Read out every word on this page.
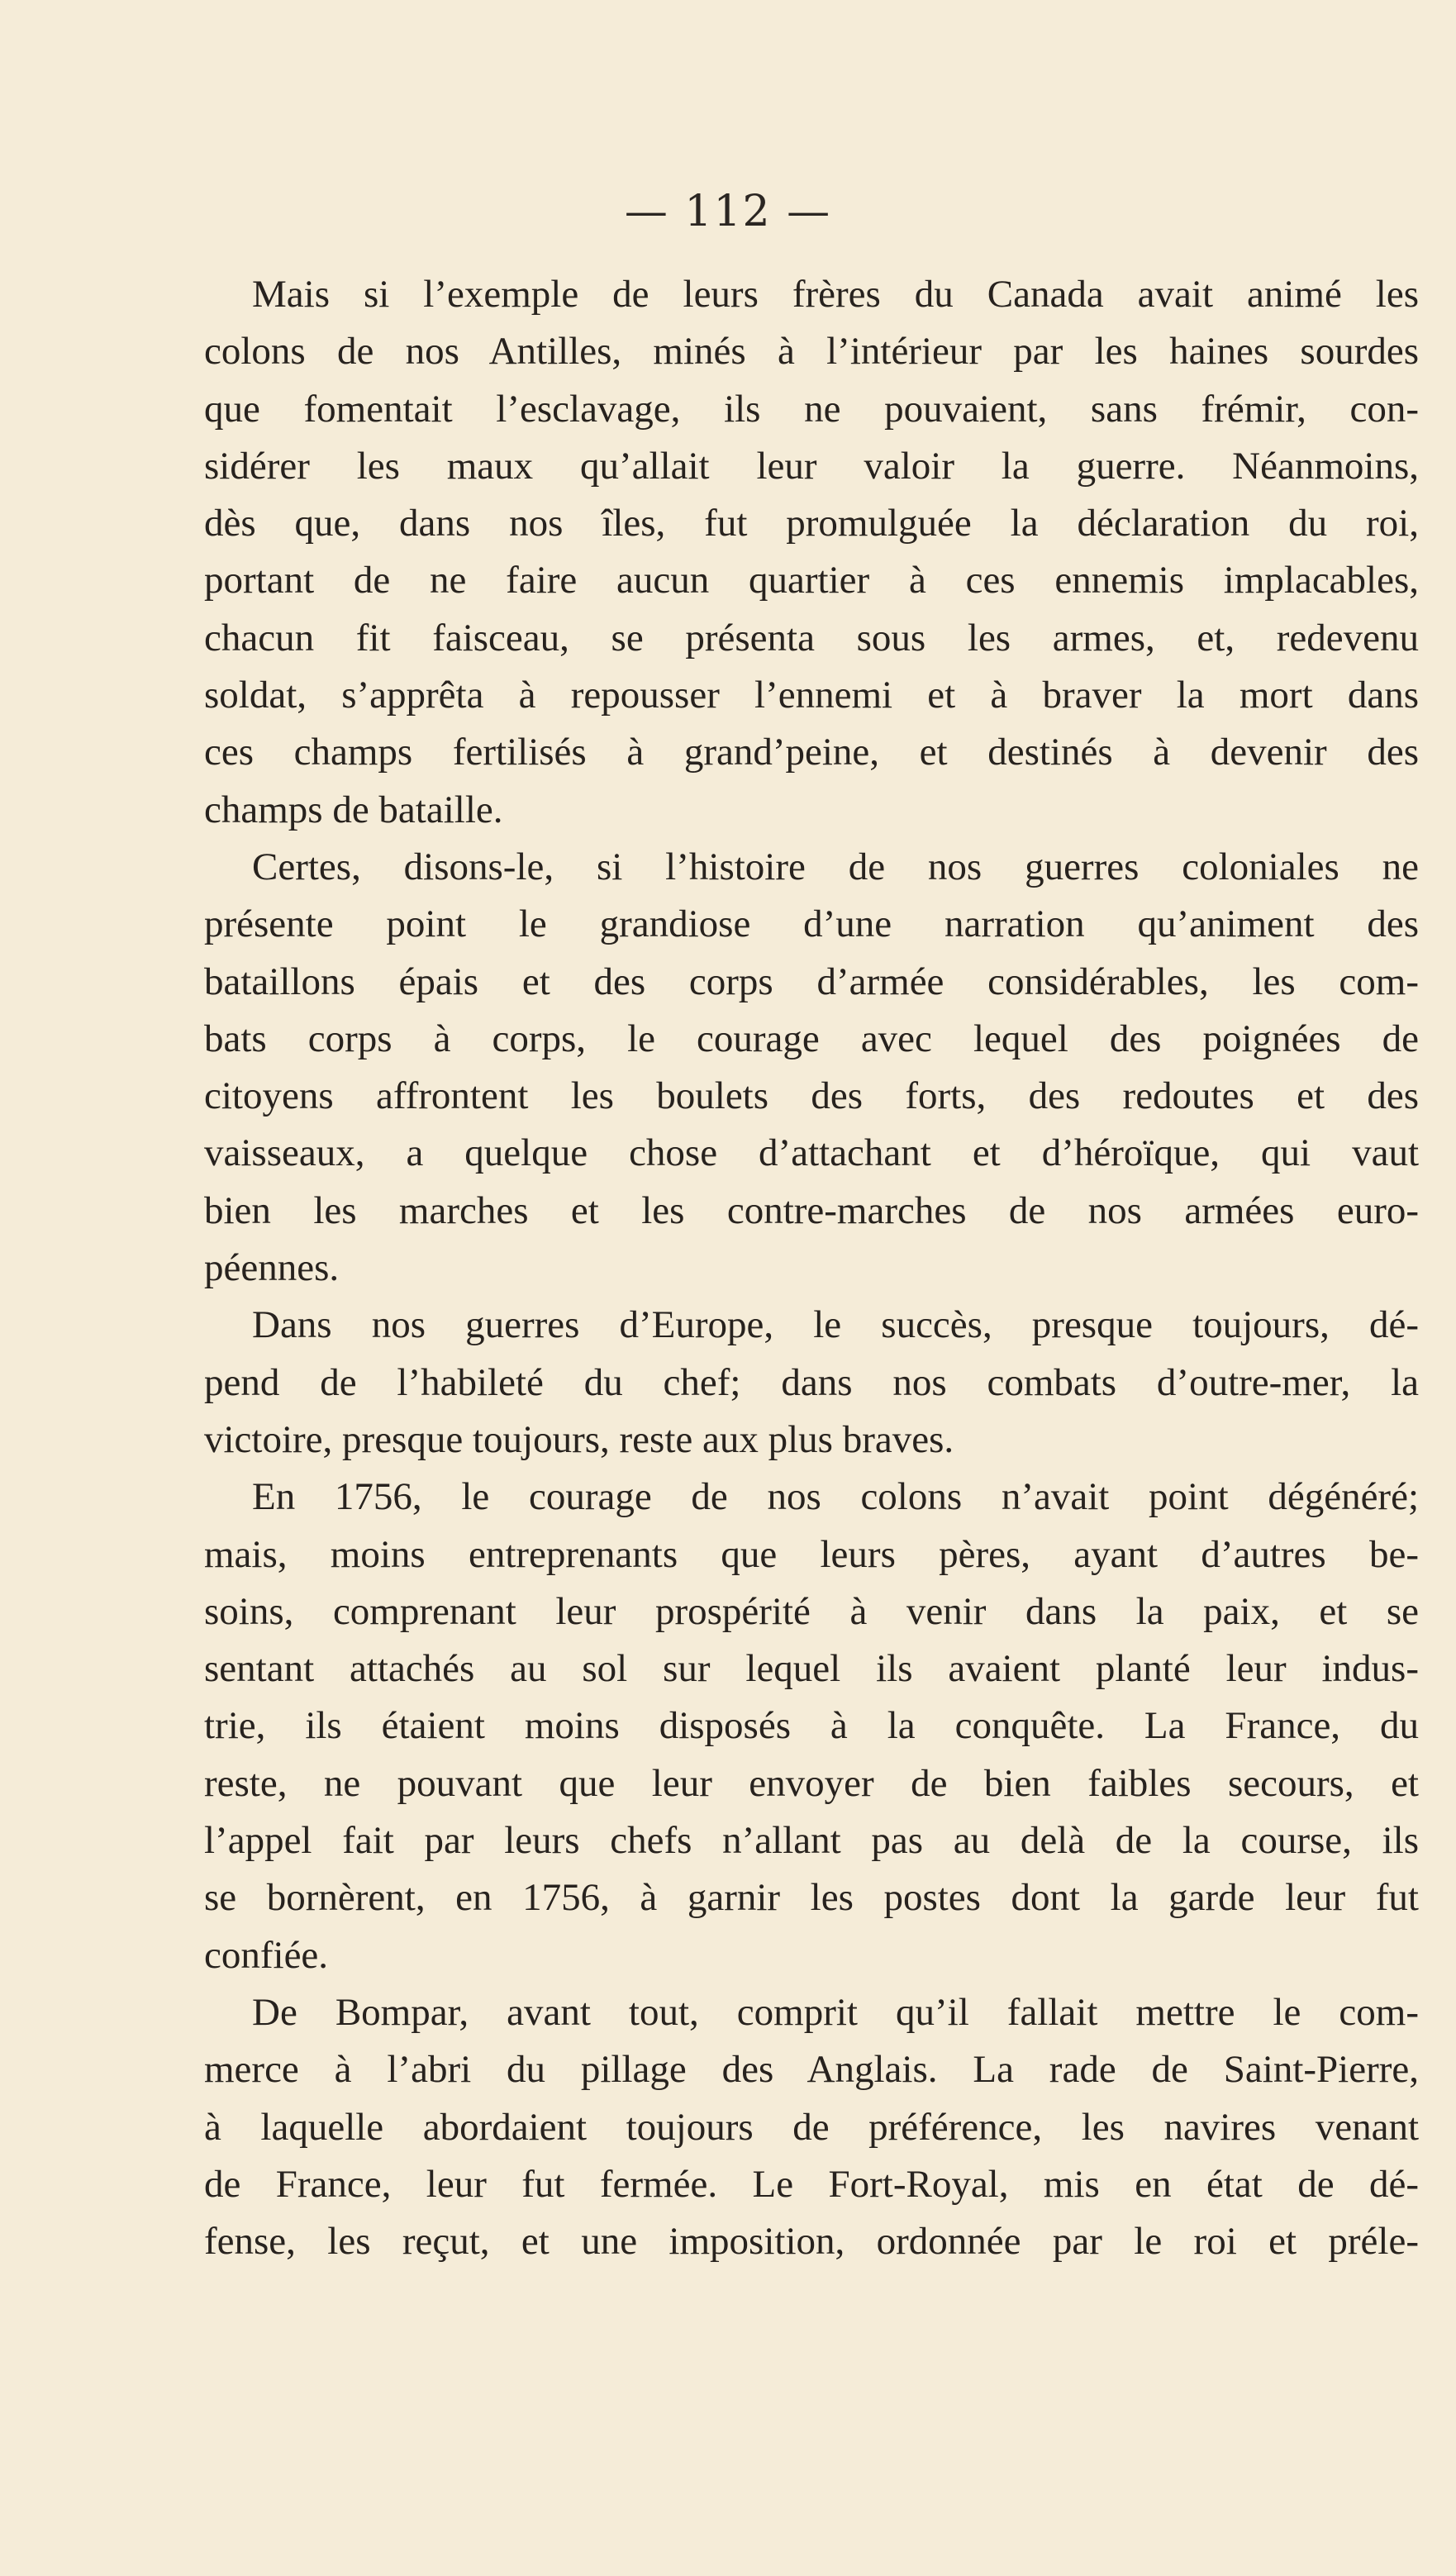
— 112 —
Mais si l’exemple de leurs frères du Canada avait animé les
colons de nos Antilles, minés à l’intérieur par les haines sourdes
que fomentait l’esclavage, ils ne pouvaient, sans frémir, con-
sidérer les maux qu’allait leur valoir la guerre. Néanmoins,
dès que, dans nos îles, fut promulguée la déclaration du roi,
portant de ne faire aucun quartier à ces ennemis implacables,
chacun fit faisceau, se présenta sous les armes, et, redevenu
soldat, s’apprêta à repousser l’ennemi et à braver la mort dans
ces champs fertilisés à grand’peine, et destinés à devenir des
champs de bataille.
Certes, disons-le, si l’histoire de nos guerres coloniales ne
présente point le grandiose d’une narration qu’animent des
bataillons épais et des corps d’armée considérables, les com-
bats corps à corps, le courage avec lequel des poignées de
citoyens affrontent les boulets des forts, des redoutes et des
vaisseaux, a quelque chose d’attachant et d’héroïque, qui vaut
bien les marches et les contre-marches de nos armées euro-
péennes.
Dans nos guerres d’Europe, le succès, presque toujours, dé-
pend de l’habileté du chef; dans nos combats d’outre-mer, la
victoire, presque toujours, reste aux plus braves.
En 1756, le courage de nos colons n’avait point dégénéré;
mais, moins entreprenants que leurs pères, ayant d’autres be-
soins, comprenant leur prospérité à venir dans la paix, et se
sentant attachés au sol sur lequel ils avaient planté leur indus-
trie, ils étaient moins disposés à la conquête. La France, du
reste, ne pouvant que leur envoyer de bien faibles secours, et
l’appel fait par leurs chefs n’allant pas au delà de la course, ils
se bornèrent, en 1756, à garnir les postes dont la garde leur fut
confiée.
De Bompar, avant tout, comprit qu’il fallait mettre le com-
merce à l’abri du pillage des Anglais. La rade de Saint-Pierre,
à laquelle abordaient toujours de préférence, les navires venant
de France, leur fut fermée. Le Fort-Royal, mis en état de dé-
fense, les reçut, et une imposition, ordonnée par le roi et préle-
